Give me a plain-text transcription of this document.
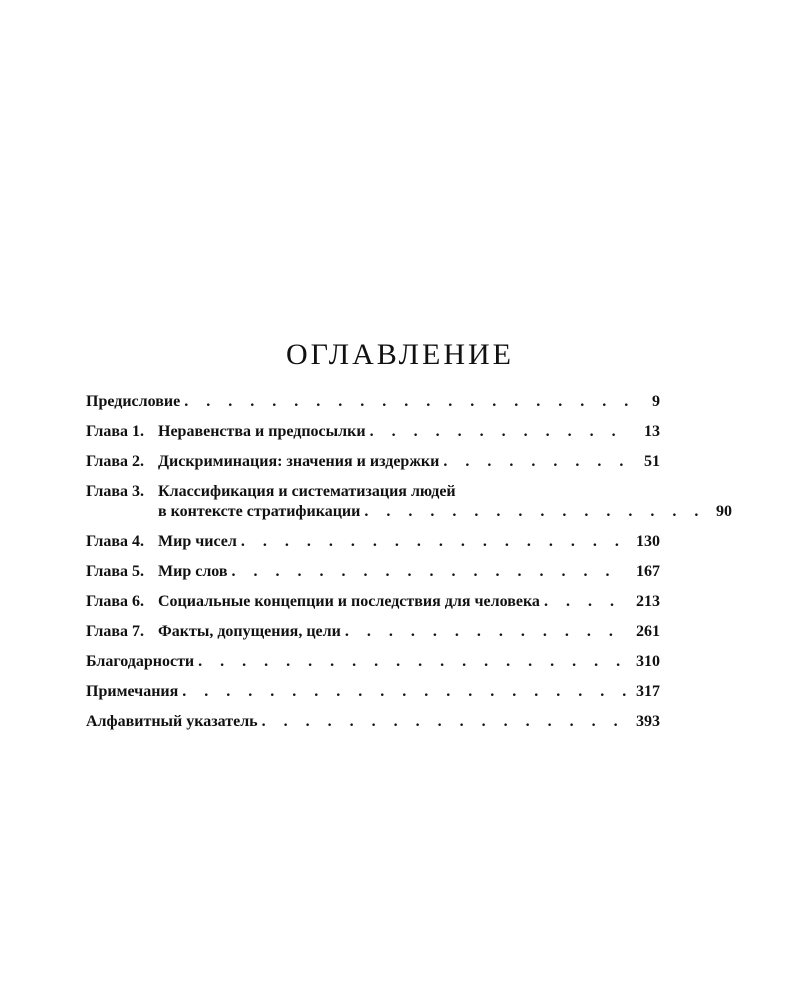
ОГЛАВЛЕНИЕ
Предисловие . . .	9
Глава 1. Неравенства и предпосылки . . .	13
Глава 2. Дискриминация: значения и издержки . . .	51
Глава 3. Классификация и систематизация людей
в контексте стратификации . . .	90
Глава 4. Мир чисел . . .	130
Глава 5. Мир слов . . .	167
Глава 6. Социальные концепции и последствия для человека . . .	213
Глава 7. Факты, допущения, цели . . .	261
Благодарности . . .	310
Примечания . . .	317
Алфавитный указатель . . .	393
